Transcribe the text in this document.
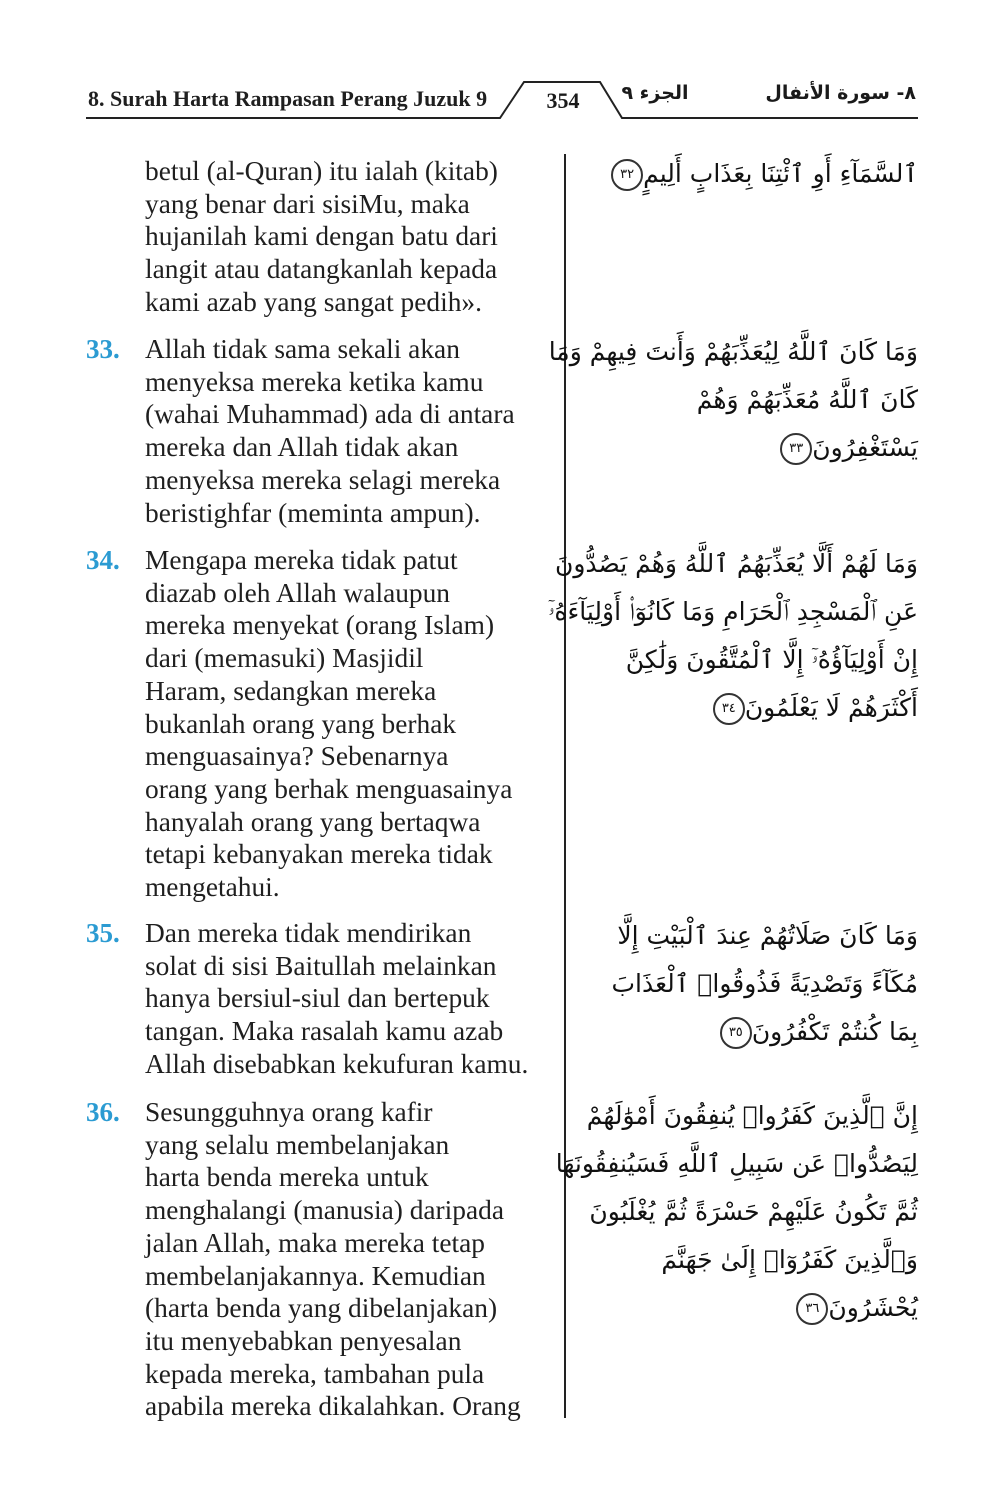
8. Surah Harta Rampasan Perang Juzuk 9	354	الجزء ٩	٨- سورة الأنفال
betul (al-Quran) itu ialah (kitab)
yang benar dari sisiMu, maka
hujanilah kami dengan batu dari
langit atau datangkanlah kepada
kami azab yang sangat pedih».
ٱلسَّمَآءِ أَوِ ٱئْتِنَا بِعَذَابٍ أَلِيمٍ٣٢
33. Allah tidak sama sekali akan
menyeksa mereka ketika kamu
(wahai Muhammad) ada di antara
mereka dan Allah tidak akan
menyeksa mereka selagi mereka
beristighfar (meminta ampun).
وَمَا كَانَ ٱللَّهُ لِيُعَذِّبَهُمْ وَأَنتَ فِيهِمْ وَمَا
كَانَ ٱللَّهُ مُعَذِّبَهُمْ وَهُمْ
يَسْتَغْفِرُونَ٣٣
34. Mengapa mereka tidak patut
diazab oleh Allah walaupun
mereka menyekat (orang Islam)
dari (memasuki) Masjidil
Haram, sedangkan mereka
bukanlah orang yang berhak
menguasainya? Sebenarnya
orang yang berhak menguasainya
hanyalah orang yang bertaqwa
tetapi kebanyakan mereka tidak
mengetahui.
وَمَا لَهُمْ أَلَّا يُعَذِّبَهُمُ ٱللَّهُ وَهُمْ يَصُدُّونَ
عَنِ ٱلْمَسْجِدِ ٱلْحَرَامِ وَمَا كَانُوٓا۟ أَوْلِيَآءَهُۥٓ
إِنْ أَوْلِيَآؤُهُۥٓ إِلَّا ٱلْمُتَّقُونَ وَلَٰكِنَّ
أَكْثَرَهُمْ لَا يَعْلَمُونَ٣٤
35. Dan mereka tidak mendirikan
solat di sisi Baitullah melainkan
hanya bersiul-siul dan bertepuk
tangan. Maka rasalah kamu azab
Allah disebabkan kekufuran kamu.
وَمَا كَانَ صَلَاتُهُمْ عِندَ ٱلْبَيْتِ إِلَّا
مُكَآءً وَتَصْدِيَةً فَذُوقُوا۟ ٱلْعَذَابَ
بِمَا كُنتُمْ تَكْفُرُونَ٣٥
36. Sesungguhnya orang kafir
yang selalu membelanjakan
harta benda mereka untuk
menghalangi (manusia) daripada
jalan Allah, maka mereka tetap
membelanjakannya. Kemudian
(harta benda yang dibelanjakan)
itu menyebabkan penyesalan
kepada mereka, tambahan pula
apabila mereka dikalahkan. Orang
إِنَّ ٱلَّذِينَ كَفَرُوا۟ يُنفِقُونَ أَمْوَٰلَهُمْ
لِيَصُدُّوا۟ عَن سَبِيلِ ٱللَّهِ فَسَيُنفِقُونَهَا
ثُمَّ تَكُونُ عَلَيْهِمْ حَسْرَةً ثُمَّ يُغْلَبُونَ
وَٱلَّذِينَ كَفَرُوٓا۟ إِلَىٰ جَهَنَّمَ
يُحْشَرُونَ٣٦
